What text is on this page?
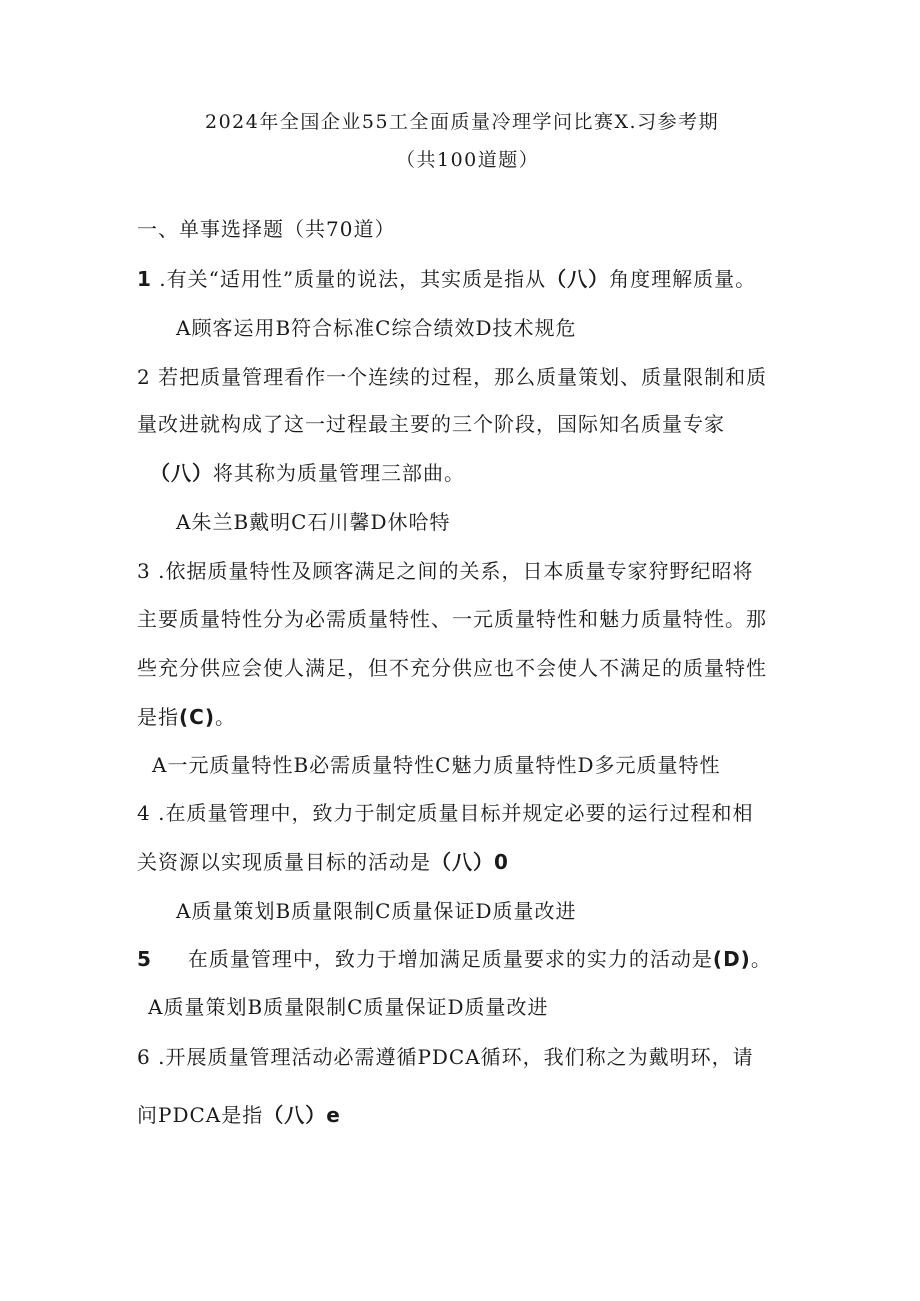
2024年全国企业55工全面质量冷理学问比赛X.习参考期
（共100道题）
一、单事选择题（共70道）
1 .有关“适用性”质量的说法，其实质是指从（八）角度理解质量。
A顾客运用B符合标准C综合绩效D技术规危
2 若把质量管理看作一个连续的过程，那么质量策划、质量限制和质
量改进就构成了这一过程最主要的三个阶段，国际知名质量专家
（八）将其称为质量管理三部曲。
A朱兰B戴明C石川馨D休哈特
3 .依据质量特性及顾客满足之间的关系，日本质量专家狩野纪昭将
主要质量特性分为必需质量特性、一元质量特性和魅力质量特性。那
些充分供应会使人满足，但不充分供应也不会使人不满足的质量特性
是指(C)。
A一元质量特性B必需质量特性C魅力质量特性D多元质量特性
4 .在质量管理中，致力于制定质量目标并规定必要的运行过程和相
关资源以实现质量目标的活动是（八）0
A质量策划B质量限制C质量保证D质量改进
5 在质量管理中，致力于增加满足质量要求的实力的活动是(D)。
A质量策划B质量限制C质量保证D质量改进
6 .开展质量管理活动必需遵循PDCA循环，我们称之为戴明环，请
问PDCA是指（八）e
